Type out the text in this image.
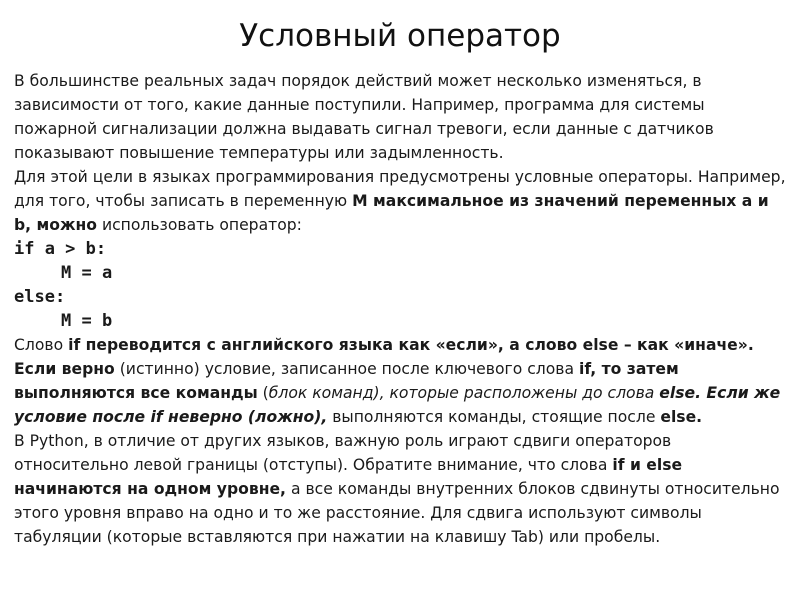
Условный оператор

В большинстве реальных задач порядок действий может несколько изменяться, в зависимости от того, какие данные поступили. Например, программа для системы пожарной сигнализации должна выдавать сигнал тревоги, если данные с датчиков показывают повышение температуры или задымленность.

Для этой цели в языках программирования предусмотрены условные операторы. Например, для того, чтобы записать в переменную М максимальное из значений переменных a и b, можно использовать оператор:

if a > b:

M = a

else:

M = b

Слово if переводится с английского языка как «если», а слово else – как «иначе». Если верно (истинно) условие, записанное после ключевого слова if, то затем выполняются все команды (блок команд), которые расположены до слова else. Если же условие после if неверно (ложно), выполняются команды, стоящие после else.

В Python, в отличие от других языков, важную роль играют сдвиги операторов относительно левой границы (отступы). Обратите внимание, что слова if и else начинаются на одном уровне, а все команды внутренних блоков сдвинуты относительно этого уровня вправо на одно и то же расстояние. Для сдвига используют символы табуляции (которые вставляются при нажатии на клавишу Tab) или пробелы.
